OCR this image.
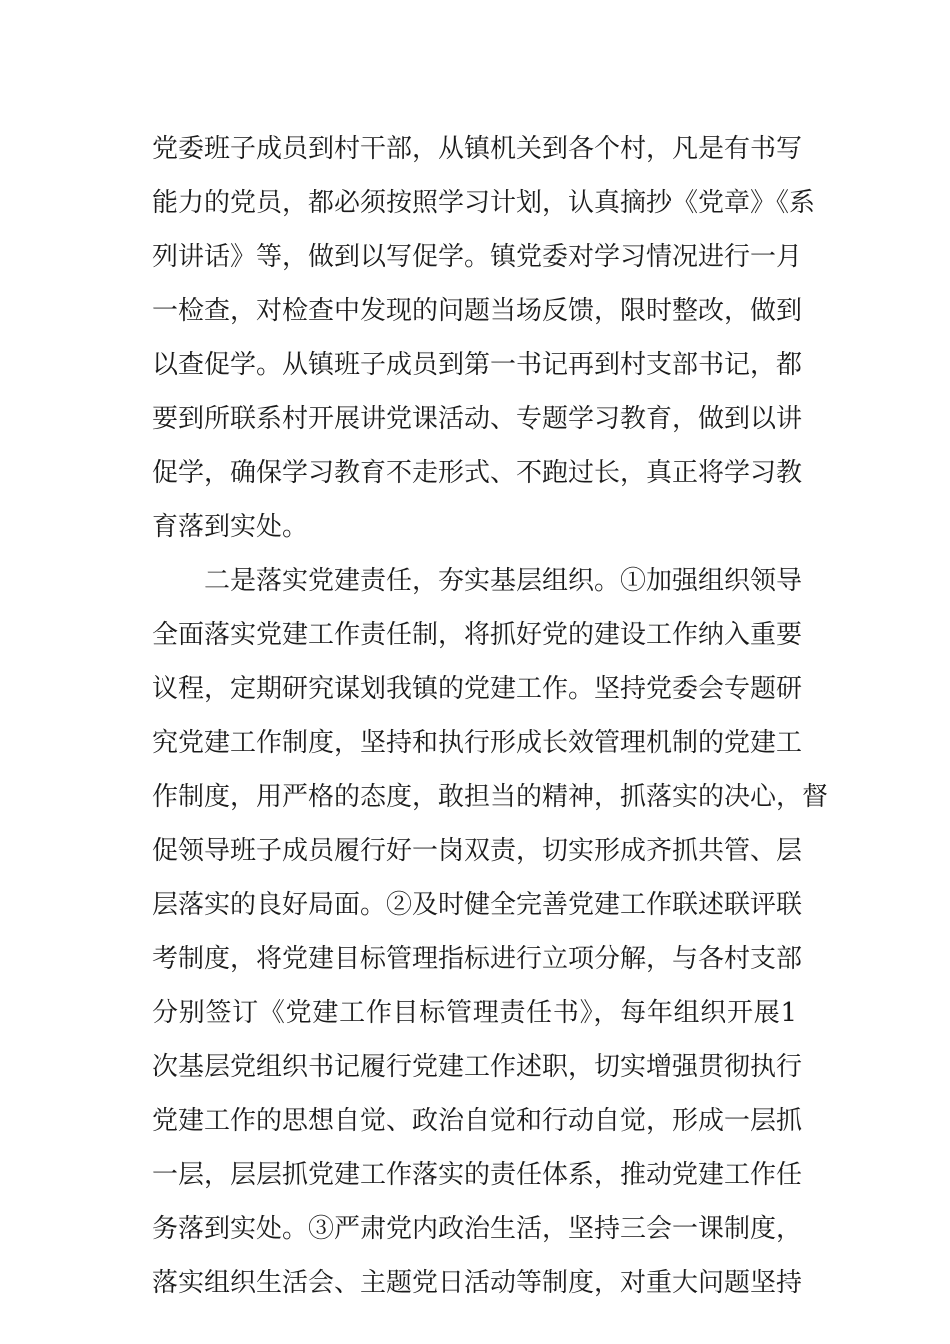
党委班子成员到村干部，从镇机关到各个村，凡是有书写
能力的党员，都必须按照学习计划，认真摘抄《党章》《系
列讲话》等，做到以写促学。镇党委对学习情况进行一月
一检查，对检查中发现的问题当场反馈，限时整改，做到
以查促学。从镇班子成员到第一书记再到村支部书记，都
要到所联系村开展讲党课活动、专题学习教育，做到以讲
促学，确保学习教育不走形式、不跑过长，真正将学习教
育落到实处。
二是落实党建责任，夯实基层组织。①加强组织领导
全面落实党建工作责任制，将抓好党的建设工作纳入重要
议程，定期研究谋划我镇的党建工作。坚持党委会专题研
究党建工作制度，坚持和执行形成长效管理机制的党建工
作制度，用严格的态度，敢担当的精神，抓落实的决心，督
促领导班子成员履行好一岗双责，切实形成齐抓共管、层
层落实的良好局面。②及时健全完善党建工作联述联评联
考制度，将党建目标管理指标进行立项分解，与各村支部
分别签订《党建工作目标管理责任书》，每年组织开展1
次基层党组织书记履行党建工作述职，切实增强贯彻执行
党建工作的思想自觉、政治自觉和行动自觉，形成一层抓
一层，层层抓党建工作落实的责任体系，推动党建工作任
务落到实处。③严肃党内政治生活，坚持三会一课制度，
落实组织生活会、主题党日活动等制度，对重大问题坚持
